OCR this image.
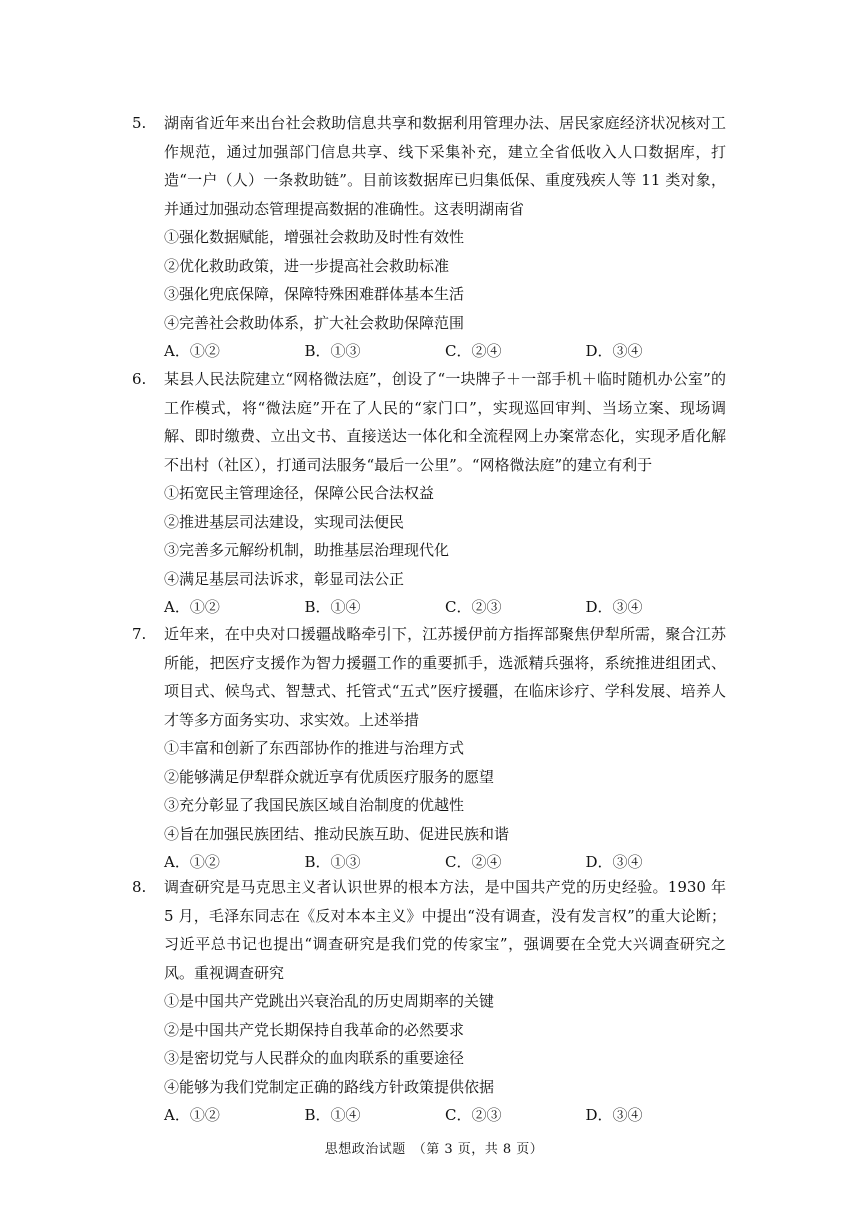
5.	湖南省近年来出台社会救助信息共享和数据利用管理办法、居民家庭经济状况核对工作规范，通过加强部门信息共享、线下采集补充，建立全省低收入人口数据库，打造“一户（人）一条救助链”。目前该数据库已归集低保、重度残疾人等 11 类对象，并通过加强动态管理提高数据的准确性。这表明湖南省
①强化数据赋能，增强社会救助及时性有效性
②优化救助政策，进一步提高社会救助标准
③强化兜底保障，保障特殊困难群体基本生活
④完善社会救助体系，扩大社会救助保障范围
A．①②	B．①③	C．②④	D．③④
6.	某县人民法院建立“网格微法庭”，创设了“一块牌子＋一部手机＋临时随机办公室”的工作模式，将“微法庭”开在了人民的“家门口”，实现巡回审判、当场立案、现场调解、即时缴费、立出文书、直接送达一体化和全流程网上办案常态化，实现矛盾化解不出村（社区），打通司法服务“最后一公里”。“网格微法庭”的建立有利于
①拓宽民主管理途径，保障公民合法权益
②推进基层司法建设，实现司法便民
③完善多元解纷机制，助推基层治理现代化
④满足基层司法诉求，彰显司法公正
A．①②	B．①④	C．②③	D．③④
7.	近年来，在中央对口援疆战略牵引下，江苏援伊前方指挥部聚焦伊犁所需，聚合江苏所能，把医疗支援作为智力援疆工作的重要抓手，选派精兵强将，系统推进组团式、项目式、候鸟式、智慧式、托管式“五式”医疗援疆，在临床诊疗、学科发展、培养人才等多方面务实功、求实效。上述举措
①丰富和创新了东西部协作的推进与治理方式
②能够满足伊犁群众就近享有优质医疗服务的愿望
③充分彰显了我国民族区域自治制度的优越性
④旨在加强民族团结、推动民族互助、促进民族和谐
A．①②	B．①③	C．②④	D．③④
8.	调查研究是马克思主义者认识世界的根本方法，是中国共产党的历史经验。1930 年 5 月，毛泽东同志在《反对本本主义》中提出“没有调查，没有发言权”的重大论断；习近平总书记也提出“调查研究是我们党的传家宝”，强调要在全党大兴调查研究之风。重视调查研究
①是中国共产党跳出兴衰治乱的历史周期率的关键
②是中国共产党长期保持自我革命的必然要求
③是密切党与人民群众的血肉联系的重要途径
④能够为我们党制定正确的路线方针政策提供依据
A．①②	B．①④	C．②③	D．③④
思想政治试题　（第 3 页，共 8 页）
